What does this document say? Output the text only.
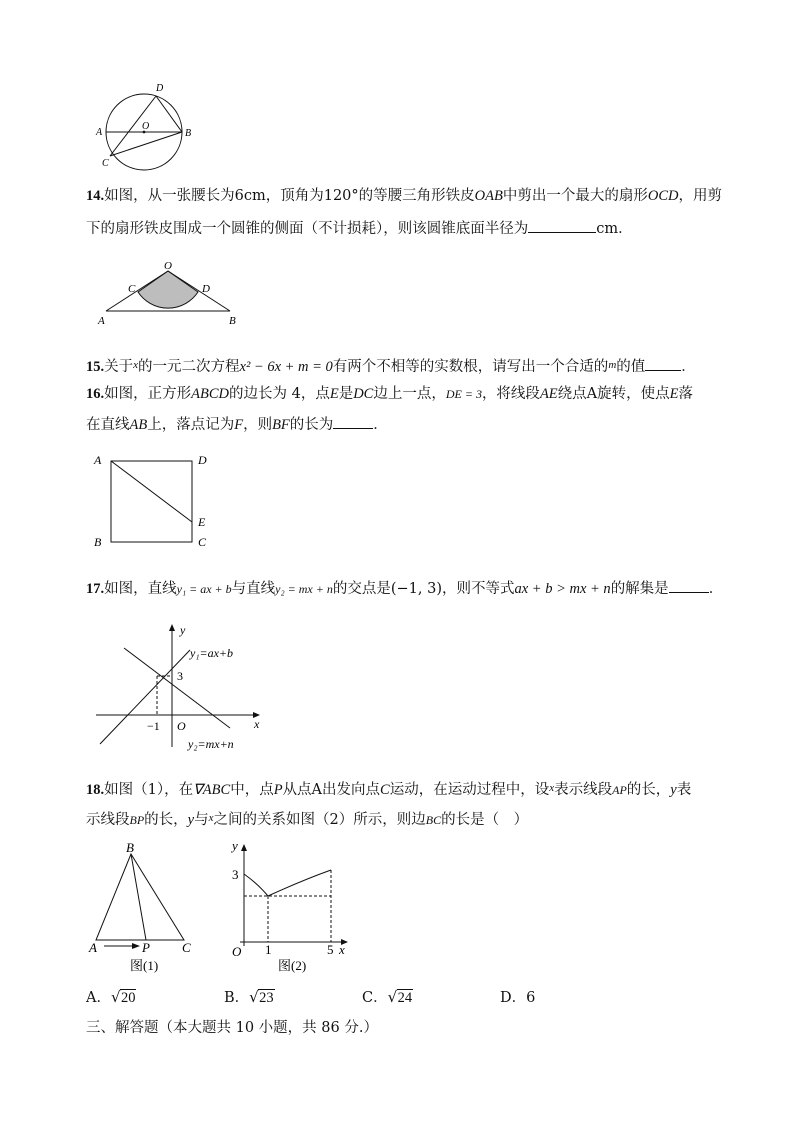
A
O
B
C
D
14.如图，从一张腰长为6cm，顶角为120°的等腰三角形铁皮OAB中剪出一个最大的扇形OCD，用剪
下的扇形铁皮围成一个圆锥的侧面（不计损耗），则该圆锥底面半径为	cm．
O
C	D
A	B
15.关于$^x$的一元二次方程x² − 6x + m = 0有两个不相等的实数根，请写出一个合适的$^m$的值 ．
16.如图，正方形ABCD的边长为 4，点E是DC边上一点，DE = 3，将线段AE绕点A旋转，使点E落
在直线AB上，落点记为F，则BF的长为	．
A	D
E
B	C
17.如图，直线y₁ = ax + b与直线y₂ = mx + n的交点是(−1, 3)，则不等式ax + b > mx + n的解集是	．
y
y₁=ax+b
3
−1 O	x
y₂=mx+n
18.如图（1），在∇ABC中，点P从点A出发向点C运动，在运动过程中，设$^x$表示线段AP的长，y表
示线段BP的长，y与$^x$之间的关系如图（2）所示，则边BC的长是（　）
B
A	P C
图(1)
y
3
O 1	5 x
图(2)
A． √ 20	B． √ 23	C． √ 24	D．6
三、解答题（本大题共 10 小题，共 86 分.）
